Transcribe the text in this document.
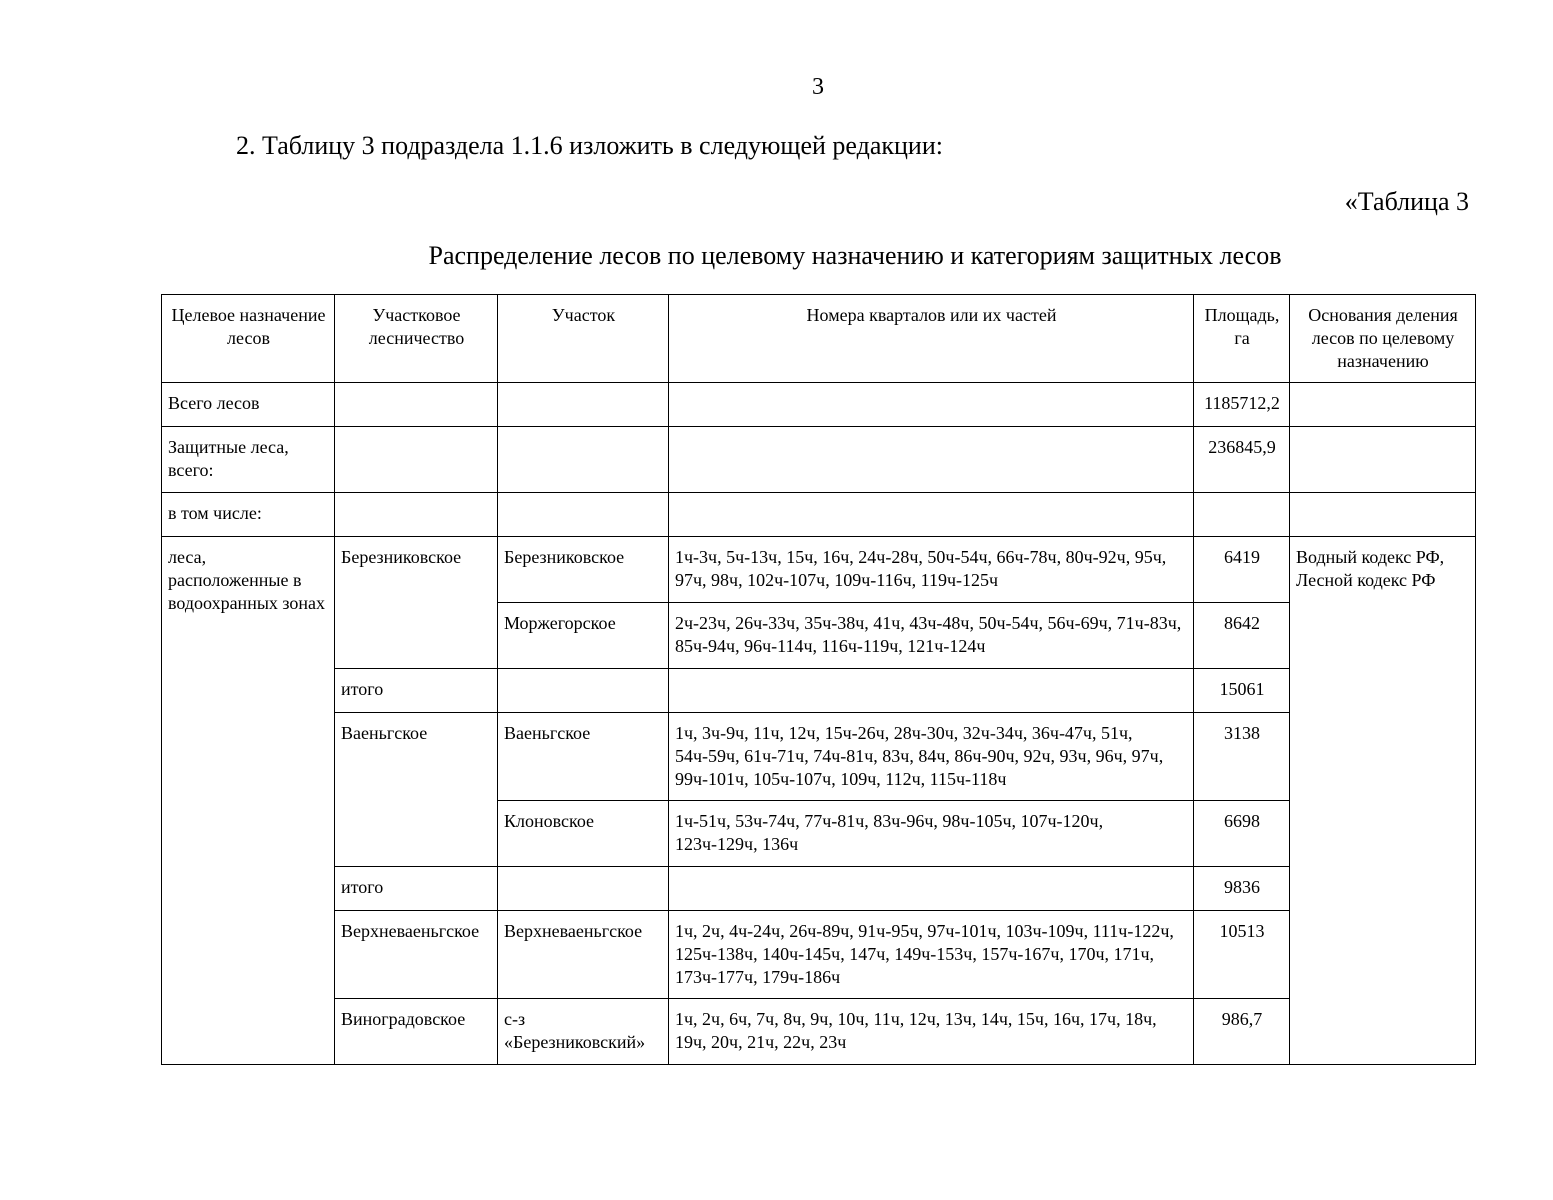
3
2. Таблицу 3 подраздела 1.1.6 изложить в следующей редакции:
«Таблица 3
Распределение лесов по целевому назначению и категориям защитных лесов
Целевое назначение лесов	Участковое лесничество	Участок	Номера кварталов или их частей	Площадь, га	Основания деления лесов по целевому назначению
Всего лесов				1185712,2	
Защитные леса, всего:				236845,9	
в том числе:					
леса, расположенные в водоохранных зонах	Березниковское	Березниковское	1ч-3ч, 5ч-13ч, 15ч, 16ч, 24ч-28ч, 50ч-54ч, 66ч-78ч, 80ч-92ч, 95ч, 97ч, 98ч, 102ч-107ч, 109ч-116ч, 119ч-125ч	6419	Водный кодекс РФ, Лесной кодекс РФ
		Моржегорское	2ч-23ч, 26ч-33ч, 35ч-38ч, 41ч, 43ч-48ч, 50ч-54ч, 56ч-69ч, 71ч-83ч, 85ч-94ч, 96ч-114ч, 116ч-119ч, 121ч-124ч	8642	
	итого			15061	
	Ваеньгское	Ваеньгское	1ч, 3ч-9ч, 11ч, 12ч, 15ч-26ч, 28ч-30ч, 32ч-34ч, 36ч-47ч, 51ч, 54ч-59ч, 61ч-71ч, 74ч-81ч, 83ч, 84ч, 86ч-90ч, 92ч, 93ч, 96ч, 97ч, 99ч-101ч, 105ч-107ч, 109ч, 112ч, 115ч-118ч	3138	
		Клоновское	1ч-51ч, 53ч-74ч, 77ч-81ч, 83ч-96ч, 98ч-105ч, 107ч-120ч, 123ч-129ч, 136ч	6698	
	итого			9836	
	Верхневаеньгское	Верхневаеньгское	1ч, 2ч, 4ч-24ч, 26ч-89ч, 91ч-95ч, 97ч-101ч, 103ч-109ч, 111ч-122ч, 125ч-138ч, 140ч-145ч, 147ч, 149ч-153ч, 157ч-167ч, 170ч, 171ч, 173ч-177ч, 179ч-186ч	10513	
	Виноградовское	с-з «Березниковский»	1ч, 2ч, 6ч, 7ч, 8ч, 9ч, 10ч, 11ч, 12ч, 13ч, 14ч, 15ч, 16ч, 17ч, 18ч, 19ч, 20ч, 21ч, 22ч, 23ч	986,7	
